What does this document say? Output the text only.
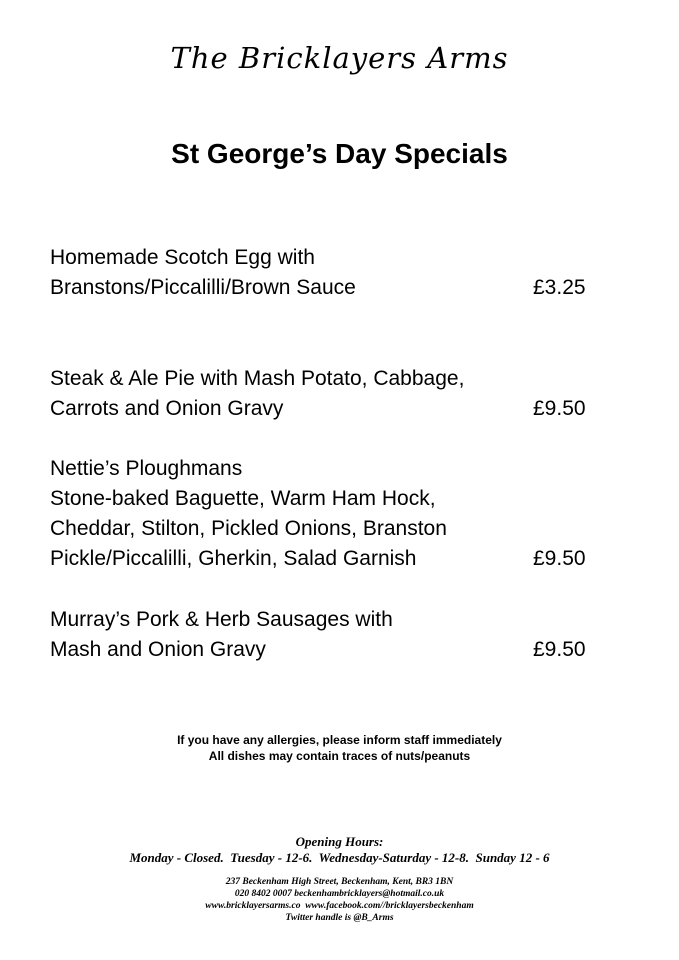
The Bricklayers Arms
St George’s Day Specials
Homemade Scotch Egg with
Branstons/Piccalilli/Brown Sauce	£3.25
Steak & Ale Pie with Mash Potato, Cabbage,
Carrots and Onion Gravy	£9.50
Nettie’s Ploughmans
Stone-baked Baguette, Warm Ham Hock,
Cheddar, Stilton, Pickled Onions, Branston
Pickle/Piccalilli, Gherkin, Salad Garnish	£9.50
Murray’s Pork & Herb Sausages with
Mash and Onion Gravy	£9.50
If you have any allergies, please inform staff immediately
All dishes may contain traces of nuts/peanuts
Opening Hours:
Monday - Closed.  Tuesday - 12-6.  Wednesday-Saturday - 12-8.  Sunday 12 - 6
237 Beckenham High Street, Beckenham, Kent, BR3 1BN
020 8402 0007 beckenhambricklayers@hotmail.co.uk
www.bricklayersarms.co  www.facebook.com//bricklayersbeckenham
Twitter handle is @B_Arms
